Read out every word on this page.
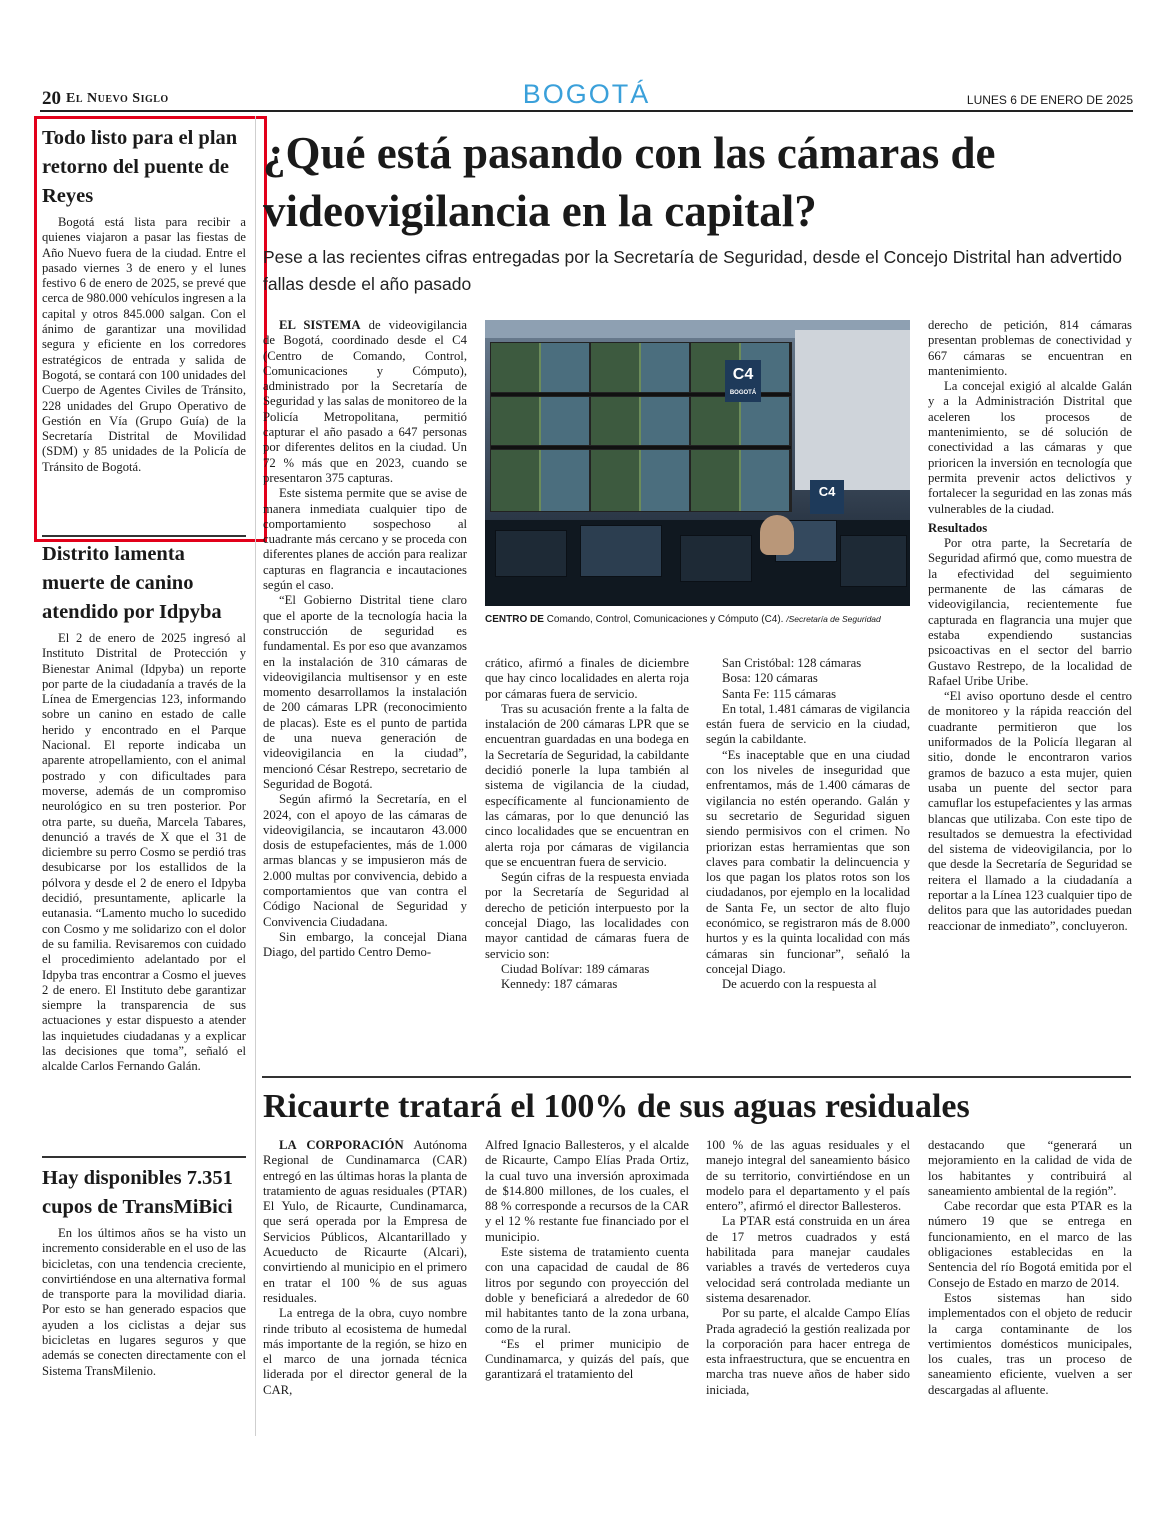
20 El Nuevo Siglo	BOGOTÁ	LUNES 6 DE ENERO DE 2025
Todo listo para el plan retorno del puente de Reyes

Bogotá está lista para recibir a quienes viajaron a pasar las fiestas de Año Nuevo fuera de la ciudad. Entre el pasado viernes 3 de enero y el lunes festivo 6 de enero de 2025, se prevé que cerca de 980.000 vehículos ingresen a la capital y otros 845.000 salgan. Con el ánimo de garantizar una movilidad segura y eficiente en los corredores estratégicos de entrada y salida de Bogotá, se contará con 100 unidades del Cuerpo de Agentes Civiles de Tránsito, 228 unidades del Grupo Operativo de Gestión en Vía (Grupo Guía) de la Secretaría Distrital de Movilidad (SDM) y 85 unidades de la Policía de Tránsito de Bogotá.

Distrito lamenta muerte de canino atendido por Idpyba

El 2 de enero de 2025 ingresó al Instituto Distrital de Protección y Bienestar Animal (Idpyba) un reporte por parte de la ciudadanía a través de la Línea de Emergencias 123, informando sobre un canino en estado de calle herido y encontrado en el Parque Nacional. El reporte indicaba un aparente atropellamiento, con el animal postrado y con dificultades para moverse, además de un compromiso neurológico en su tren posterior. Por otra parte, su dueña, Marcela Tabares, denunció a través de X que el 31 de diciembre su perro Cosmo se perdió tras desubicarse por los estallidos de la pólvora y desde el 2 de enero el Idpyba decidió, presuntamente, aplicarle la eutanasia. “Lamento mucho lo sucedido con Cosmo y me solidarizo con el dolor de su familia. Revisaremos con cuidado el procedimiento adelantado por el Idpyba tras encontrar a Cosmo el jueves 2 de enero. El Instituto debe garantizar siempre la transparencia de sus actuaciones y estar dispuesto a atender las inquietudes ciudadanas y a explicar las decisiones que toma”, señaló el alcalde Carlos Fernando Galán.

Hay disponibles 7.351 cupos de TransMiBici

En los últimos años se ha visto un incremento considerable en el uso de las bicicletas, con una tendencia creciente, convirtiéndose en una alternativa formal de transporte para la movilidad diaria. Por esto se han generado espacios que ayuden a los ciclistas a dejar sus bicicletas en lugares seguros y que además se conecten directamente con el Sistema TransMilenio.

¿Qué está pasando con las cámaras de videovigilancia en la capital?

Pese a las recientes cifras entregadas por la Secretaría de Seguridad, desde el Concejo Distrital han advertido fallas desde el año pasado

EL SISTEMA de videovigilancia de Bogotá, coordinado desde el C4 (Centro de Comando, Control, Comunicaciones y Cómputo), administrado por la Secretaría de Seguridad y las salas de monitoreo de la Policía Metropolitana, permitió capturar el año pasado a 647 personas por diferentes delitos en la ciudad. Un 72 % más que en 2023, cuando se presentaron 375 capturas.

Este sistema permite que se avise de manera inmediata cualquier tipo de comportamiento sospechoso al cuadrante más cercano y se proceda con diferentes planes de acción para realizar capturas en flagrancia e incautaciones según el caso.

“El Gobierno Distrital tiene claro que el aporte de la tecnología hacia la construcción de seguridad es fundamental. Es por eso que avanzamos en la instalación de 310 cámaras de videovigilancia multisensor y en este momento desarrollamos la instalación de 200 cámaras LPR (reconocimiento de placas). Este es el punto de partida de una nueva generación de videovigilancia en la ciudad”, mencionó César Restrepo, secretario de Seguridad de Bogotá.

Según afirmó la Secretaría, en el 2024, con el apoyo de las cámaras de videovigilancia, se incautaron 43.000 dosis de estupefacientes, más de 1.000 armas blancas y se impusieron más de 2.000 multas por convivencia, debido a comportamientos que van contra el Código Nacional de Seguridad y Convivencia Ciudadana.

Sin embargo, la concejal Diana Diago, del partido Centro Demo-

C4
BOGOTÁ
C4
CENTRO DE Comando, Control, Comunicaciones y Cómputo (C4). /Secretaría de Seguridad

crático, afirmó a finales de diciembre que hay cinco localidades en alerta roja por cámaras fuera de servicio.

Tras su acusación frente a la falta de instalación de 200 cámaras LPR que se encuentran guardadas en una bodega en la Secretaría de Seguridad, la cabildante decidió ponerle la lupa también al sistema de vigilancia de la ciudad, específicamente al funcionamiento de las cámaras, por lo que denunció las cinco localidades que se encuentran en alerta roja por cámaras de vigilancia que se encuentran fuera de servicio.

Según cifras de la respuesta enviada por la Secretaría de Seguridad al derecho de petición interpuesto por la concejal Diago, las localidades con mayor cantidad de cámaras fuera de servicio son:

Ciudad Bolívar: 189 cámaras

Kennedy: 187 cámaras

San Cristóbal: 128 cámaras

Bosa: 120 cámaras

Santa Fe: 115 cámaras

En total, 1.481 cámaras de vigilancia están fuera de servicio en la ciudad, según la cabildante.

“Es inaceptable que en una ciudad con los niveles de inseguridad que enfrentamos, más de 1.400 cámaras de vigilancia no estén operando. Galán y su secretario de Seguridad siguen siendo permisivos con el crimen. No priorizan estas herramientas que son claves para combatir la delincuencia y los que pagan los platos rotos son los ciudadanos, por ejemplo en la localidad de Santa Fe, un sector de alto flujo económico, se registraron más de 8.000 hurtos y es la quinta localidad con más cámaras sin funcionar”, señaló la concejal Diago.

De acuerdo con la respuesta al

derecho de petición, 814 cámaras presentan problemas de conectividad y 667 cámaras se encuentran en mantenimiento.

La concejal exigió al alcalde Galán y a la Administración Distrital que aceleren los procesos de mantenimiento, se dé solución de conectividad a las cámaras y que prioricen la inversión en tecnología que permita prevenir actos delictivos y fortalecer la seguridad en las zonas más vulnerables de la ciudad.

Resultados

Por otra parte, la Secretaría de Seguridad afirmó que, como muestra de la efectividad del seguimiento permanente de las cámaras de videovigilancia, recientemente fue capturada en flagrancia una mujer que estaba expendiendo sustancias psicoactivas en el sector del barrio Gustavo Restrepo, de la localidad de Rafael Uribe Uribe.

“El aviso oportuno desde el centro de monitoreo y la rápida reacción del cuadrante permitieron que los uniformados de la Policía llegaran al sitio, donde le encontraron varios gramos de bazuco a esta mujer, quien usaba un puente del sector para camuflar los estupefacientes y las armas blancas que utilizaba. Con este tipo de resultados se demuestra la efectividad del sistema de videovigilancia, por lo que desde la Secretaría de Seguridad se reitera el llamado a la ciudadanía a reportar a la Línea 123 cualquier tipo de delitos para que las autoridades puedan reaccionar de inmediato”, concluyeron.

Ricaurte tratará el 100% de sus aguas residuales

LA CORPORACIÓN Autónoma Regional de Cundinamarca (CAR) entregó en las últimas horas la planta de tratamiento de aguas residuales (PTAR) El Yulo, de Ricaurte, Cundinamarca, que será operada por la Empresa de Servicios Públicos, Alcantarillado y Acueducto de Ricaurte (Alcari), convirtiendo al municipio en el primero en tratar el 100 % de sus aguas residuales.

La entrega de la obra, cuyo nombre rinde tributo al ecosistema de humedal más importante de la región, se hizo en el marco de una jornada técnica liderada por el director general de la CAR,

Alfred Ignacio Ballesteros, y el alcalde de Ricaurte, Campo Elías Prada Ortiz, la cual tuvo una inversión aproximada de $14.800 millones, de los cuales, el 88 % corresponde a recursos de la CAR y el 12 % restante fue financiado por el municipio.

Este sistema de tratamiento cuenta con una capacidad de caudal de 86 litros por segundo con proyección del doble y beneficiará a alrededor de 60 mil habitantes tanto de la zona urbana, como de la rural.

“Es el primer municipio de Cundinamarca, y quizás del país, que garantizará el tratamiento del

100 % de las aguas residuales y el manejo integral del saneamiento básico de su territorio, convirtiéndose en un modelo para el departamento y el país entero”, afirmó el director Ballesteros.

La PTAR está construida en un área de 17 metros cuadrados y está habilitada para manejar caudales variables a través de vertederos cuya velocidad será controlada mediante un sistema desarenador.

Por su parte, el alcalde Campo Elías Prada agradeció la gestión realizada por la corporación para hacer entrega de esta infraestructura, que se encuentra en marcha tras nueve años de haber sido iniciada,

destacando que “generará un mejoramiento en la calidad de vida de los habitantes y contribuirá al saneamiento ambiental de la región”.

Cabe recordar que esta PTAR es la número 19 que se entrega en funcionamiento, en el marco de las obligaciones establecidas en la Sentencia del río Bogotá emitida por el Consejo de Estado en marzo de 2014.

Estos sistemas han sido implementados con el objeto de reducir la carga contaminante de los vertimientos domésticos municipales, los cuales, tras un proceso de saneamiento eficiente, vuelven a ser descargadas al afluente.
